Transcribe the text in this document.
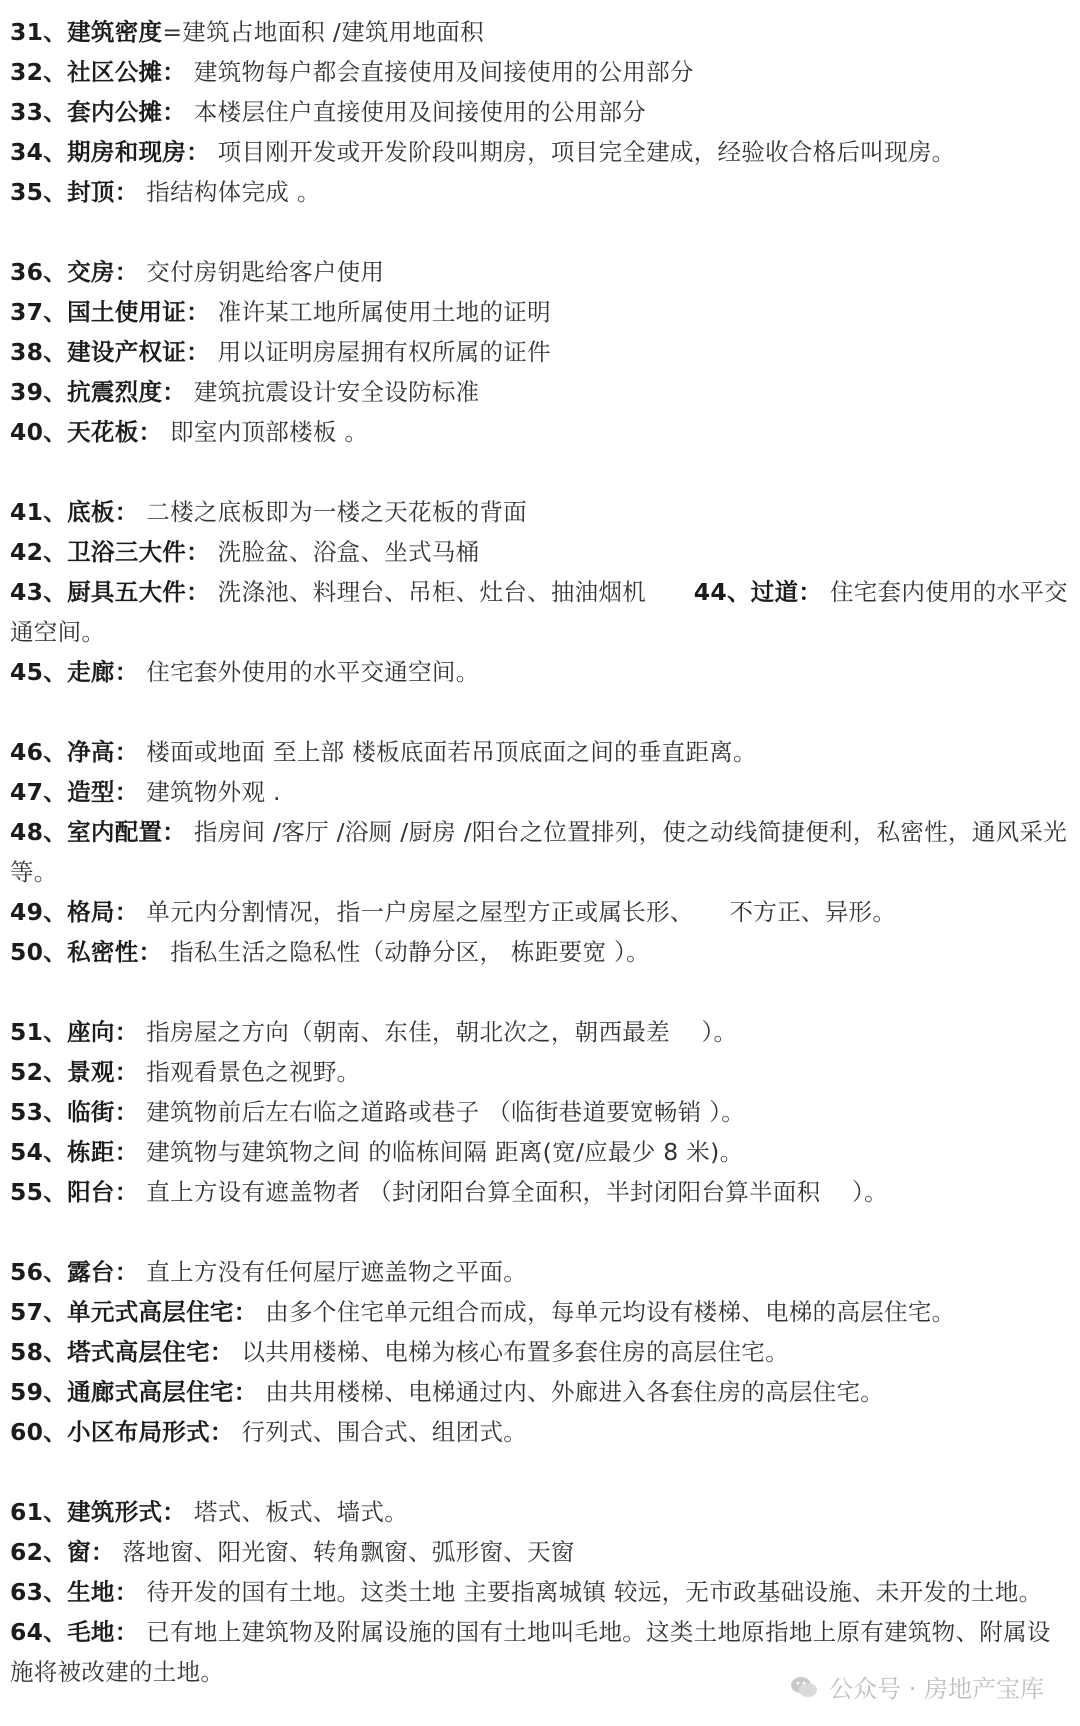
31、建筑密度=建筑占地面积 /建筑用地面积
32、社区公摊： 建筑物每户都会直接使用及间接使用的公用部分
33、套内公摊： 本楼层住户直接使用及间接使用的公用部分
34、期房和现房： 项目刚开发或开发阶段叫期房，项目完全建成，经验收合格后叫现房。
35、封顶： 指结构体完成 。
36、交房： 交付房钥匙给客户使用
37、国土使用证： 准许某工地所属使用土地的证明
38、建设产权证： 用以证明房屋拥有权所属的证件
39、抗震烈度： 建筑抗震设计安全设防标准
40、天花板： 即室内顶部楼板 。
41、底板： 二楼之底板即为一楼之天花板的背面
42、卫浴三大件： 洗脸盆、浴盒、坐式马桶
43、厨具五大件： 洗涤池、料理台、吊柜、灶台、抽油烟机　　44、过道： 住宅套内使用的水平交通空间。
45、走廊： 住宅套外使用的水平交通空间。
46、净高： 楼面或地面 至上部 楼板底面若吊顶底面之间的垂直距离。
47、造型： 建筑物外观 .
48、室内配置： 指房间 /客厅 /浴厕 /厨房 /阳台之位置排列，使之动线简捷便利，私密性，通风采光等。
49、格局： 单元内分割情况，指一户房屋之屋型方正或属长形、　　不方正、异形。
50、私密性： 指私生活之隐私性（动静分区， 栋距要宽 ）。
51、座向： 指房屋之方向（朝南、东佳，朝北次之，朝西最差　 ）。
52、景观： 指观看景色之视野。
53、临街： 建筑物前后左右临之道路或巷子 （临街巷道要宽畅销 ）。
54、栋距： 建筑物与建筑物之间 的临栋间隔 距离(宽/应最少 8 米)。
55、阳台： 直上方设有遮盖物者 （封闭阳台算全面积，半封闭阳台算半面积　 ）。
56、露台： 直上方没有任何屋厅遮盖物之平面。
57、单元式高层住宅： 由多个住宅单元组合而成，每单元均设有楼梯、电梯的高层住宅。
58、塔式高层住宅： 以共用楼梯、电梯为核心布置多套住房的高层住宅。
59、通廊式高层住宅： 由共用楼梯、电梯通过内、外廊进入各套住房的高层住宅。
60、小区布局形式： 行列式、围合式、组团式。
61、建筑形式： 塔式、板式、墙式。
62、窗： 落地窗、阳光窗、转角飘窗、弧形窗、天窗
63、生地： 待开发的国有土地。这类土地 主要指离城镇 较远，无市政基础设施、未开发的土地。
64、毛地： 已有地上建筑物及附属设施的国有土地叫毛地。这类土地原指地上原有建筑物、附属设施将被改建的土地。
公众号 · 房地产宝库
